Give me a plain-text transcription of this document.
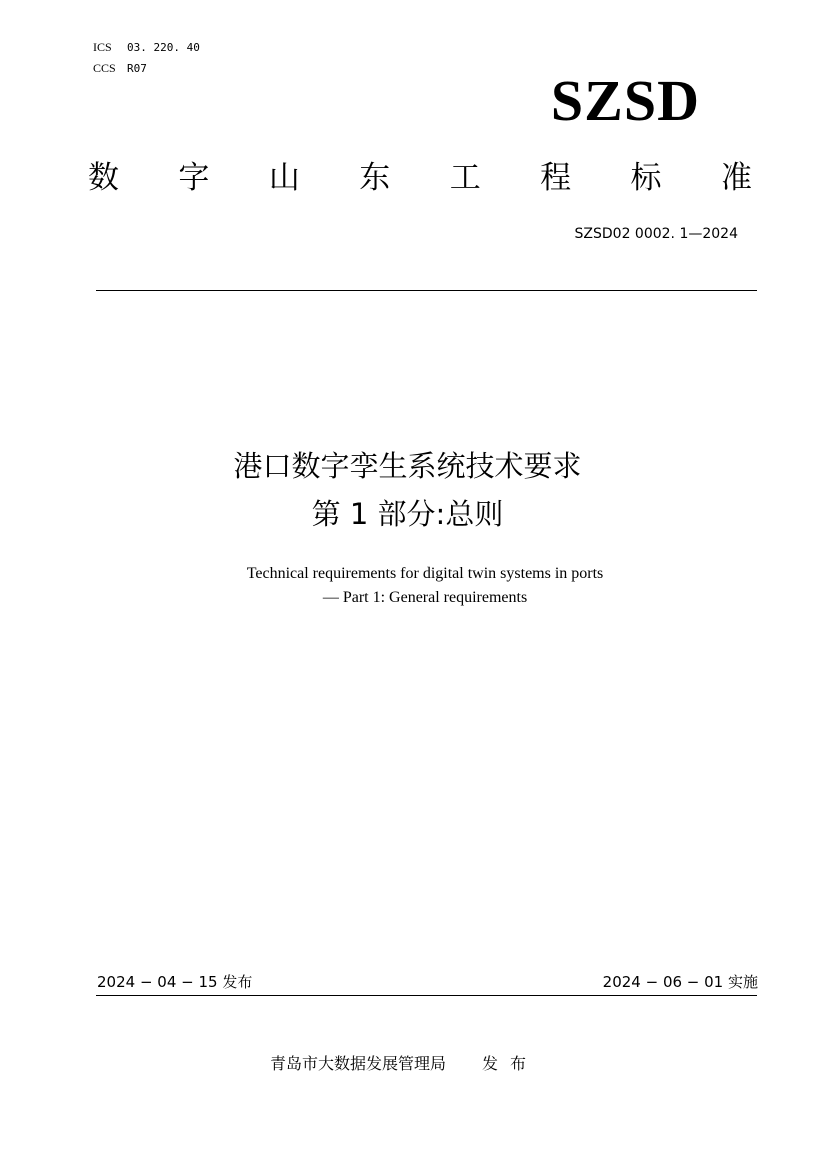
ICS 03. 220. 40
CCS R07	SZSD
数 字 山 东 工 程 标 准
SZSD02 0002. 1—2024
港口数字孪生系统技术要求
第 1 部分:总则
Technical requirements for digital twin systems in ports
— Part 1: General requirements
2024 − 04 − 15 发布	2024 − 06 − 01 实施
青岛市大数据发展管理局 发布
